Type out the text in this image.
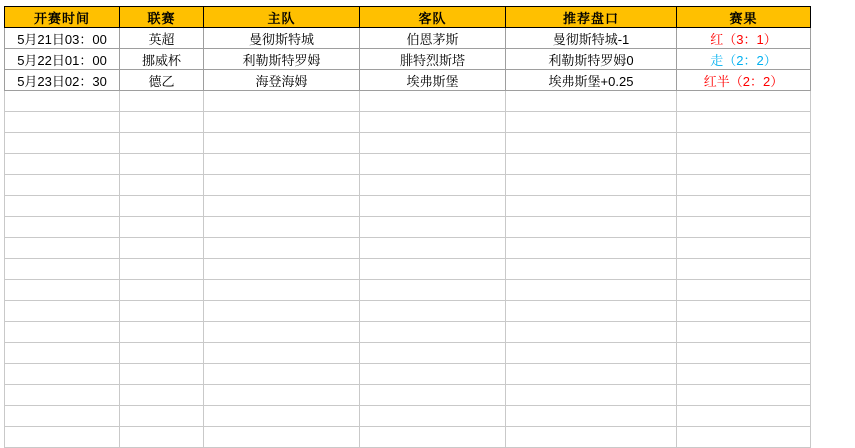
开赛时间	联赛	主队	客队	推荐盘口	赛果
5月21日03：00	英超	曼彻斯特城	伯恩茅斯	曼彻斯特城-1	红（3：1）
5月22日01：00	挪威杯	利勒斯特罗姆	腓特烈斯塔	利勒斯特罗姆0	走（2：2）
5月23日02：30	德乙	海登海姆	埃弗斯堡	埃弗斯堡+0.25	红半（2：2）
